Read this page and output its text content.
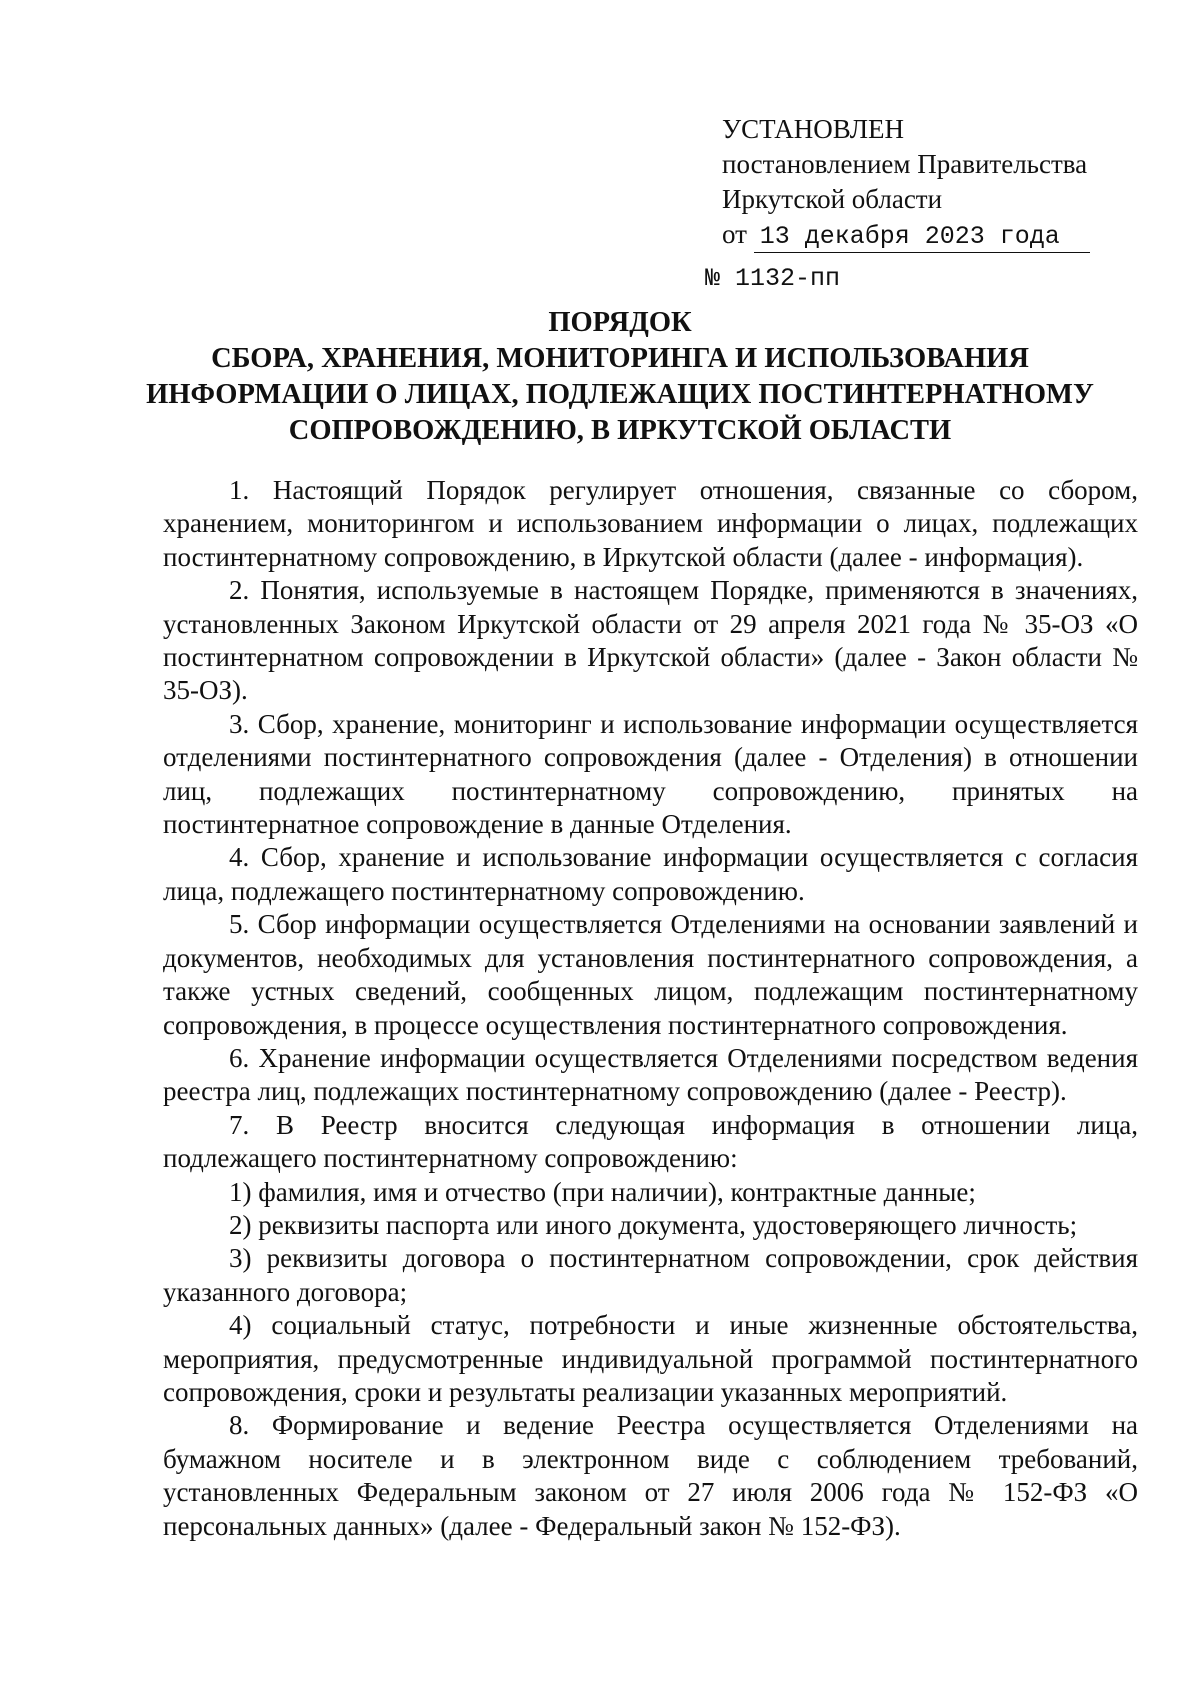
УСТАНОВЛЕН
постановлением Правительства
Иркутской области
от 13 декабря 2023 года
№ 1132-пп
ПОРЯДОК
СБОРА, ХРАНЕНИЯ, МОНИТОРИНГА И ИСПОЛЬЗОВАНИЯ
ИНФОРМАЦИИ О ЛИЦАХ, ПОДЛЕЖАЩИХ ПОСТИНТЕРНАТНОМУ
СОПРОВОЖДЕНИЮ, В ИРКУТСКОЙ ОБЛАСТИ

1. Настоящий Порядок регулирует отношения, связанные со сбором, хранением, мониторингом и использованием информации о лицах, подлежащих постинтернатному сопровождению, в Иркутской области (далее - информация).

2. Понятия, используемые в настоящем Порядке, применяются в значениях, установленных Законом Иркутской области от 29 апреля 2021 года № 35-ОЗ «О постинтернатном сопровождении в Иркутской области» (далее - Закон области № 35-ОЗ).

3. Сбор, хранение, мониторинг и использование информации осуществляется отделениями постинтернатного сопровождения (далее - Отделения) в отношении лиц, подлежащих постинтернатному сопровождению, принятых на постинтернатное сопровождение в данные Отделения.

4. Сбор, хранение и использование информации осуществляется с согласия лица, подлежащего постинтернатному сопровождению.

5. Сбор информации осуществляется Отделениями на основании заявлений и документов, необходимых для установления постинтернатного сопровождения, а также устных сведений, сообщенных лицом, подлежащим постинтернатному сопровождения, в процессе осуществления постинтернатного сопровождения.

6. Хранение информации осуществляется Отделениями посредством ведения реестра лиц, подлежащих постинтернатному сопровождению (далее - Реестр).

7. В Реестр вносится следующая информация в отношении лица, подлежащего постинтернатному сопровождению:

1) фамилия, имя и отчество (при наличии), контрактные данные;

2) реквизиты паспорта или иного документа, удостоверяющего личность;

3) реквизиты договора о постинтернатном сопровождении, срок действия указанного договора;

4) социальный статус, потребности и иные жизненные обстоятельства, мероприятия, предусмотренные индивидуальной программой постинтернатного сопровождения, сроки и результаты реализации указанных мероприятий.

8. Формирование и ведение Реестра осуществляется Отделениями на бумажном носителе и в электронном виде с соблюдением требований, установленных Федеральным законом от 27 июля 2006 года № 152-ФЗ «О персональных данных» (далее - Федеральный закон № 152-ФЗ).
